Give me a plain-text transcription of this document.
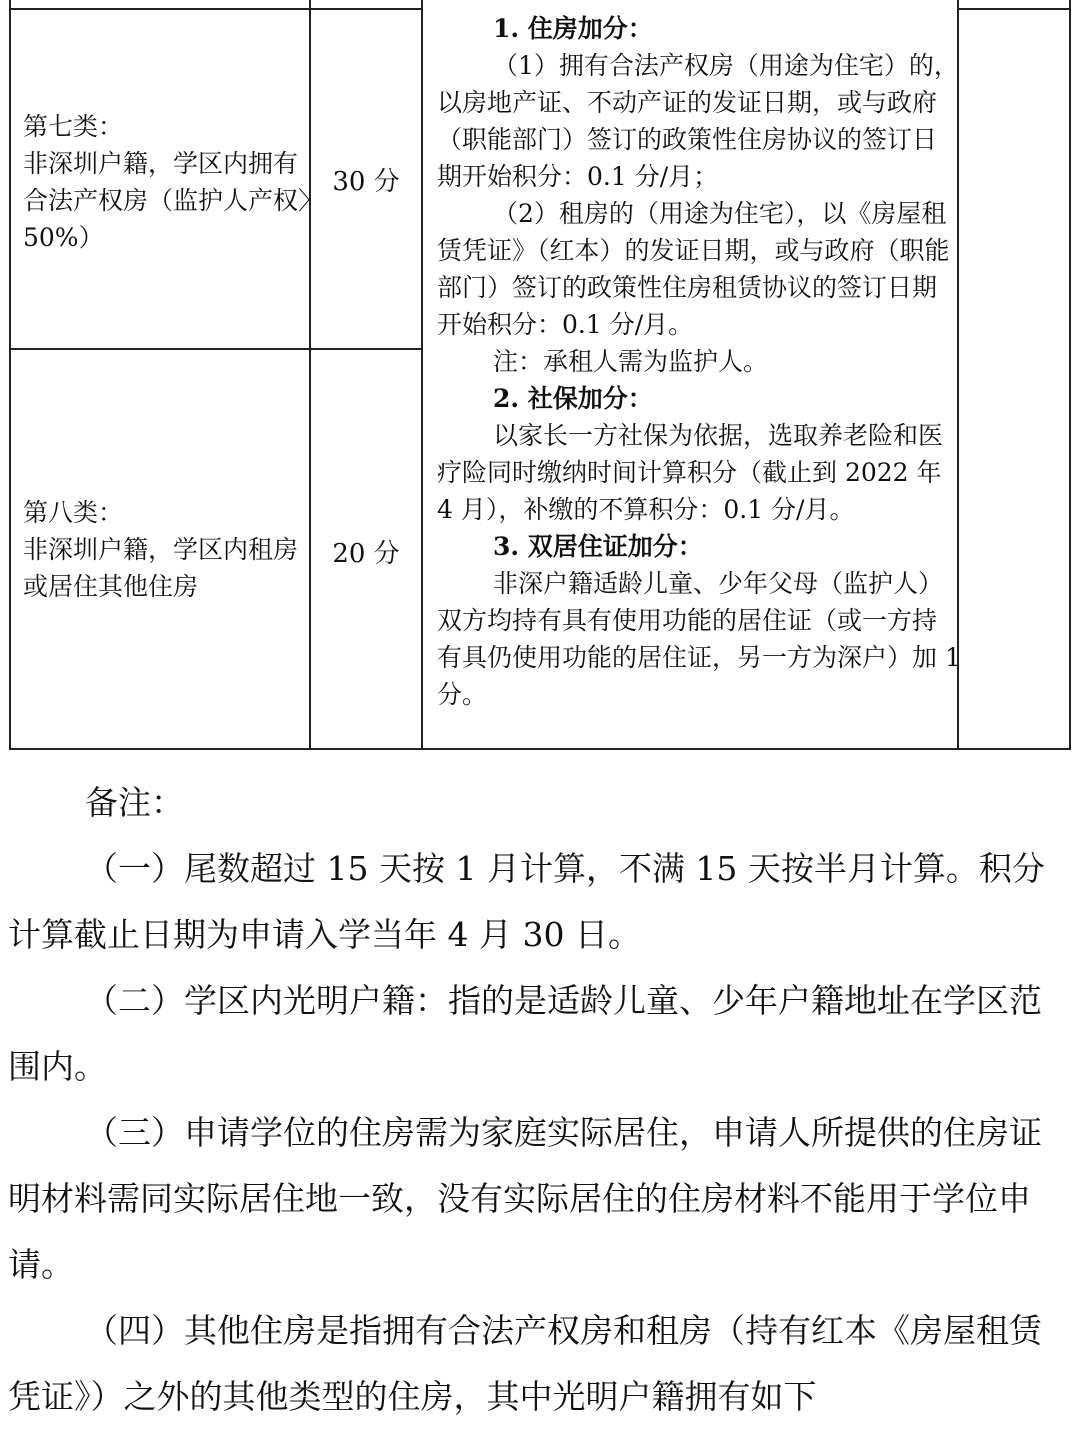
第七类：

非深圳户籍，学区内拥有合法产权房（监护人产权〉50%）

30 分

第八类：

非深圳户籍，学区内租房或居住其他住房

20 分

1. 住房加分：

（1）拥有合法产权房（用途为住宅）的，以房地产证、不动产证的发证日期，或与政府（职能部门）签订的政策性住房协议的签订日期开始积分：0.1 分/月；

（2）租房的（用途为住宅），以《房屋租赁凭证》（红本）的发证日期，或与政府（职能部门）签订的政策性住房租赁协议的签订日期开始积分：0.1 分/月。

注：承租人需为监护人。

2. 社保加分：

以家长一方社保为依据，选取养老险和医疗险同时缴纳时间计算积分（截止到 2022 年 4 月），补缴的不算积分：0.1 分/月。

3. 双居住证加分：

非深户籍适龄儿童、少年父母（监护人）双方均持有具有使用功能的居住证（或一方持有具仍使用功能的居住证，另一方为深户）加 1 分。

备注：

（一）尾数超过 15 天按 1 月计算，不满 15 天按半月计算。积分计算截止日期为申请入学当年 4 月 30 日。

（二）学区内光明户籍：指的是适龄儿童、少年户籍地址在学区范围内。

（三）申请学位的住房需为家庭实际居住，申请人所提供的住房证明材料需同实际居住地一致，没有实际居住的住房材料不能用于学位申请。

（四）其他住房是指拥有合法产权房和租房（持有红本《房屋租赁凭证》）之外的其他类型的住房，其中光明户籍拥有如下
